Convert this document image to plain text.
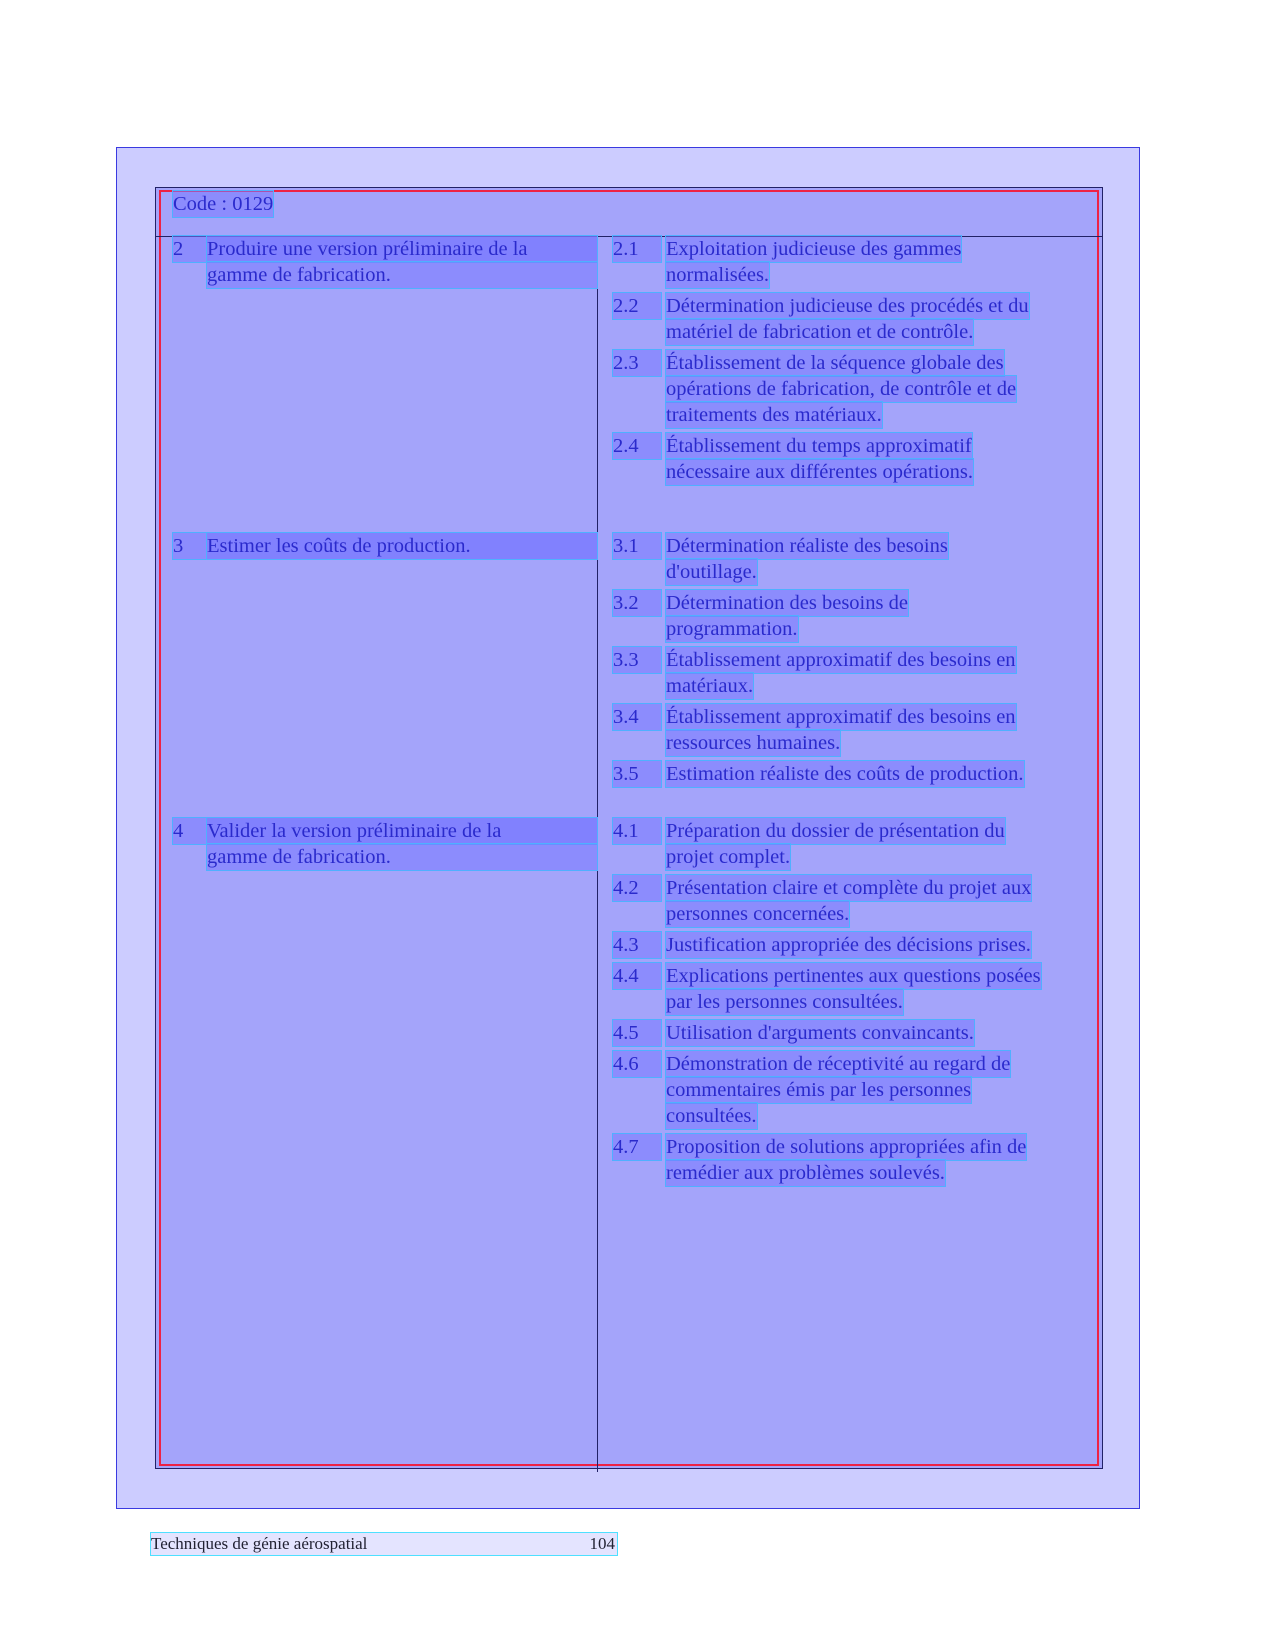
Code : 0129
2	Produire une version préliminaire de la
gamme de fabrication.
2.1	Exploitation judicieuse des gammes
normalisées.
2.2	Détermination judicieuse des procédés et du
matériel de fabrication et de contrôle.
2.3	Établissement de la séquence globale des
opérations de fabrication, de contrôle et de
traitements des matériaux.
2.4	Établissement du temps approximatif
nécessaire aux différentes opérations.
3	Estimer les coûts de production.	3.1	Détermination réaliste des besoins
d'outillage.
3.2	Détermination des besoins de
programmation.
3.3	Établissement approximatif des besoins en
matériaux.
3.4	Établissement approximatif des besoins en
ressources humaines.
3.5	Estimation réaliste des coûts de production.
4	Valider la version préliminaire de la
gamme de fabrication.
4.1	Préparation du dossier de présentation du
projet complet.
4.2	Présentation claire et complète du projet aux
personnes concernées.
4.3	Justification appropriée des décisions prises.
4.4	Explications pertinentes aux questions posées
par les personnes consultées.
4.5	Utilisation d'arguments convaincants.
4.6	Démonstration de réceptivité au regard de
commentaires émis par les personnes
consultées.
4.7	Proposition de solutions appropriées afin de
remédier aux problèmes soulevés.
Techniques de génie aérospatial	104
